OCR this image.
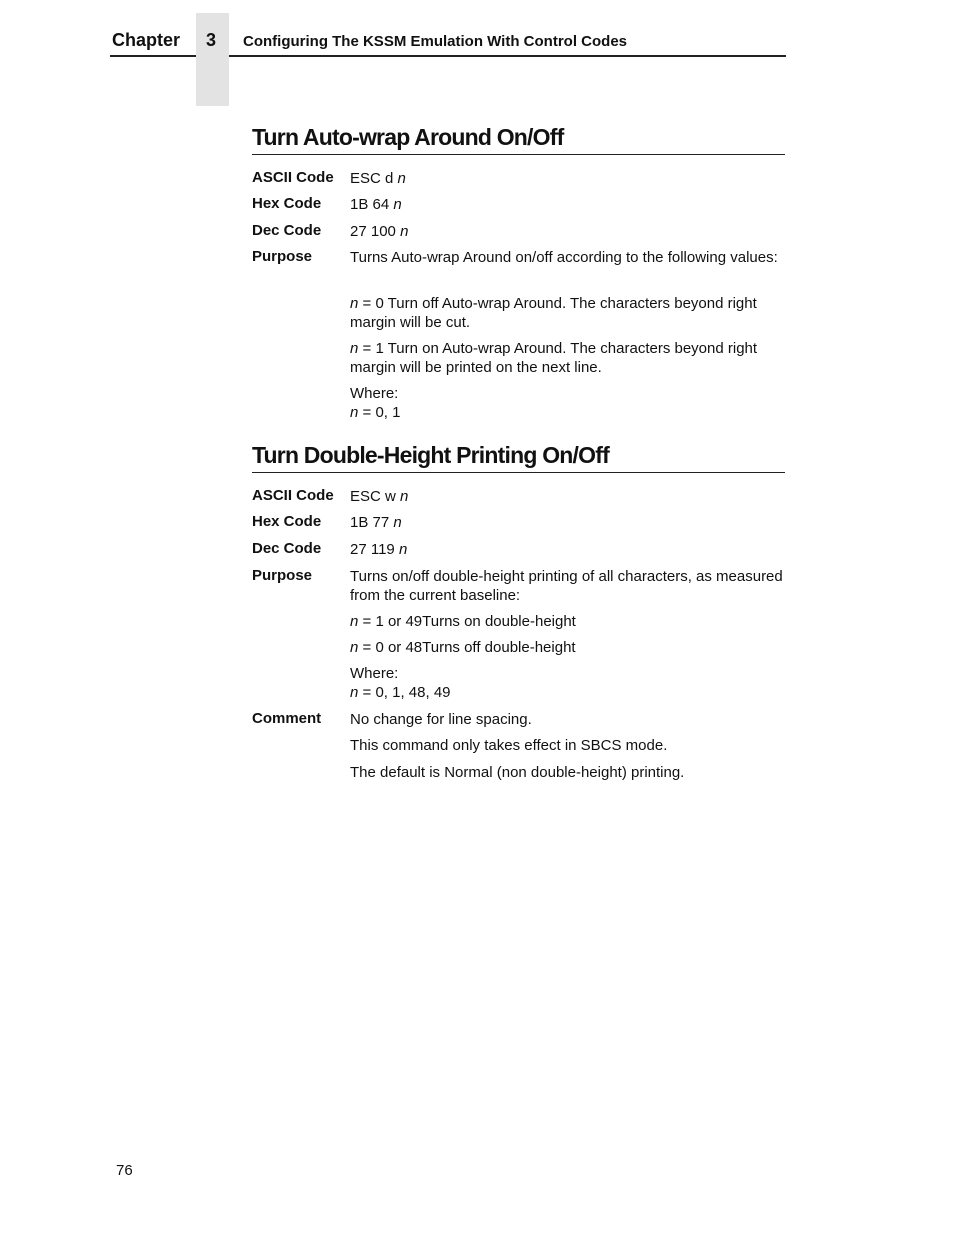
Chapter	3	Configuring The KSSM Emulation With Control Codes
Turn Auto-wrap Around On/Off
ASCII Code ESC d n
Hex Code 1B 64 n
Dec Code 27 100 n
Purpose	Turns Auto-wrap Around on/off according to the following values:
n = 0 Turn off Auto-wrap Around. The characters beyond right margin will be cut.
n = 1 Turn on Auto-wrap Around. The characters beyond right margin will be printed on the next line.
Where:
n = 0, 1
Turn Double-Height Printing On/Off
ASCII Code ESC w n
Hex Code 1B 77 n
Dec Code 27 119 n
Purpose	Turns on/off double-height printing of all characters, as measured from the current baseline:
n = 1 or 49Turns on double-height
n = 0 or 48Turns off double-height
Where:
n = 0, 1, 48, 49
Comment No change for line spacing.
This command only takes effect in SBCS mode.
The default is Normal (non double-height) printing.
76
